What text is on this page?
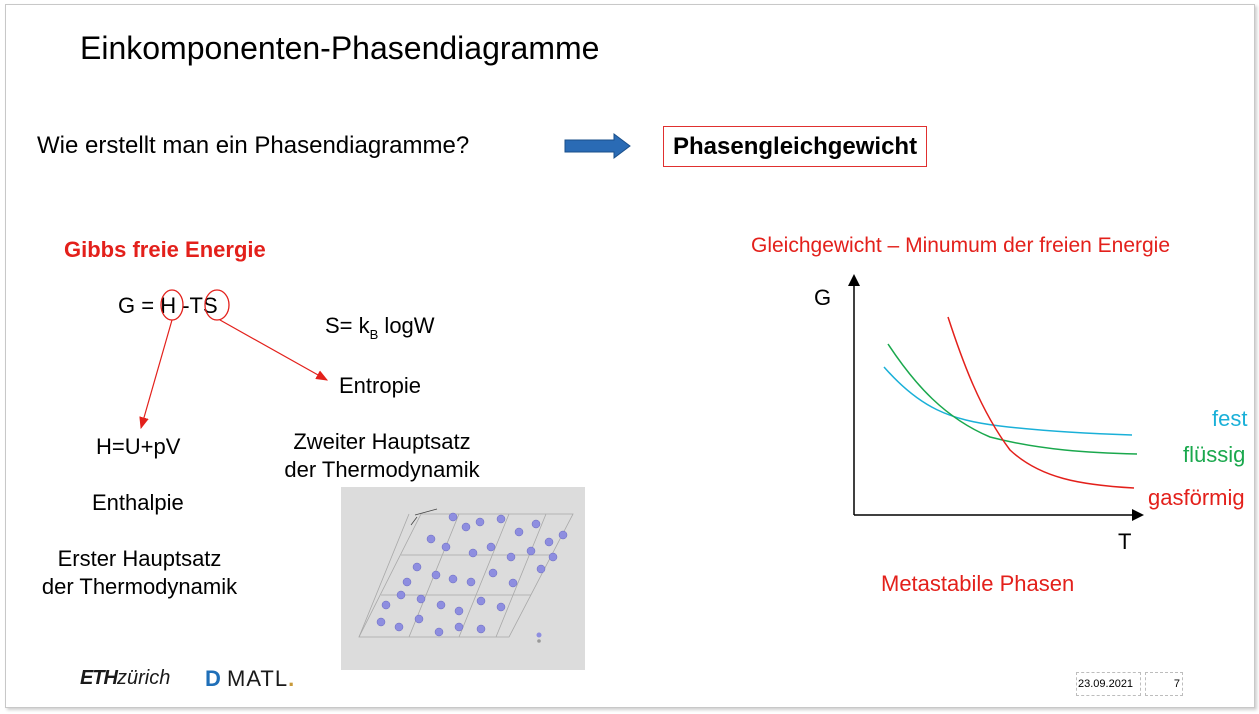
Einkomponenten-Phasendiagramme
Wie erstellt man ein Phasendiagramme?	Phasengleichgewicht
Gibbs freie Energie
G = H -TS
$S= k_B$ logW
Entropie
Zweiter Hauptsatz
der Thermodynamik
H=U+pV
Enthalpie
Erster Hauptsatz
der Thermodynamik
Gleichgewicht – Minumum der freien Energie
G
T
fest
flüssig
gasförmig
Metastabile Phasen
ETHzürich D MATL.	23.09.2021	7
